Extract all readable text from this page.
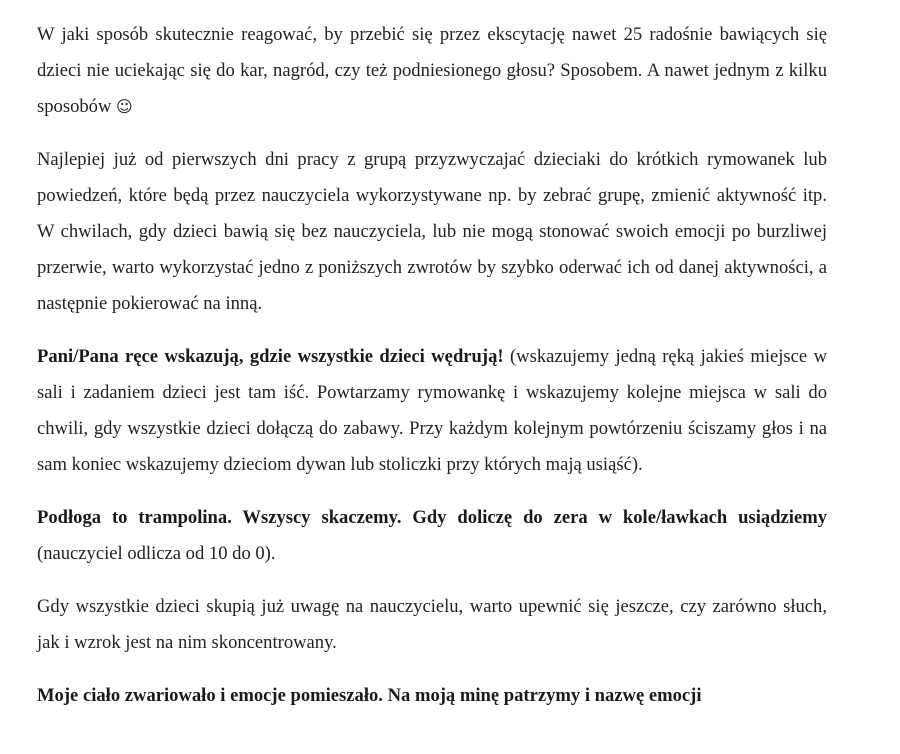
W jaki sposób skutecznie reagować, by przebić się przez ekscytację nawet 25 radośnie bawiących się dzieci nie uciekając się do kar, nagród, czy też podniesionego głosu? Sposobem. A nawet jednym z kilku sposobów ☺

Najlepiej już od pierwszych dni pracy z grupą przyzwyczajać dzieciaki do krótkich rymowanek lub powiedzeń, które będą przez nauczyciela wykorzystywane np. by zebrać grupę, zmienić aktywność itp. W chwilach, gdy dzieci bawią się bez nauczyciela, lub nie mogą stonować swoich emocji po burzliwej przerwie, warto wykorzystać jedno z poniższych zwrotów by szybko oderwać ich od danej aktywności, a następnie pokierować na inną.

Pani/Pana ręce wskazują, gdzie wszystkie dzieci wędrują! (wskazujemy jedną ręką jakieś miejsce w sali i zadaniem dzieci jest tam iść. Powtarzamy rymowankę i wskazujemy kolejne miejsca w sali do chwili, gdy wszystkie dzieci dołączą do zabawy. Przy każdym kolejnym powtórzeniu ściszamy głos i na sam koniec wskazujemy dzieciom dywan lub stoliczki przy których mają usiąść).

Podłoga to trampolina. Wszyscy skaczemy. Gdy doliczę do zera w kole/ławkach usiądziemy (nauczyciel odlicza od 10 do 0).

Gdy wszystkie dzieci skupią już uwagę na nauczycielu, warto upewnić się jeszcze, czy zarówno słuch, jak i wzrok jest na nim skoncentrowany.

Moje ciało zwariowało i emocje pomieszało. Na moją minę patrzymy i nazwę emocji
